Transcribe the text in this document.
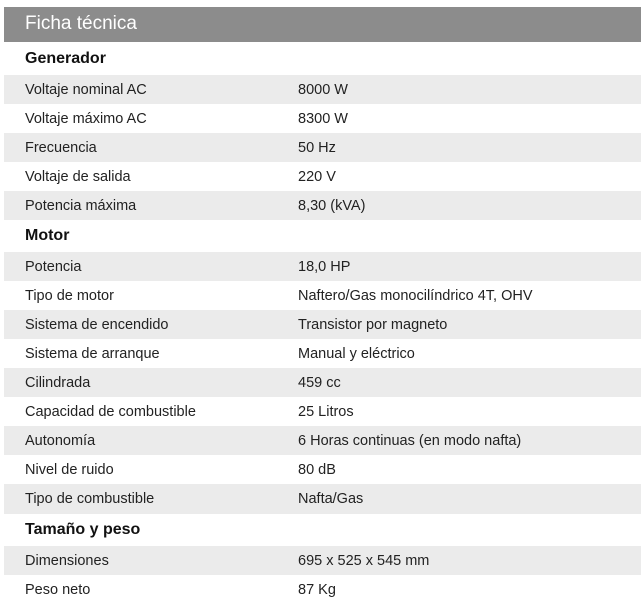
Ficha técnica
Generador
Voltaje nominal AC	8000 W
Voltaje máximo AC	8300 W
Frecuencia	50 Hz
Voltaje de salida	220 V
Potencia máxima	8,30 (kVA)
Motor
Potencia	18,0 HP
Tipo de motor	Naftero/Gas monocilíndrico 4T, OHV
Sistema de encendido	Transistor por magneto
Sistema de arranque	Manual y eléctrico
Cilindrada	459 cc
Capacidad de combustible	25 Litros
Autonomía	6 Horas continuas (en modo nafta)
Nivel de ruido	80 dB
Tipo de combustible	Nafta/Gas
Tamaño y peso
Dimensiones	695 x 525 x 545 mm
Peso neto	87 Kg
